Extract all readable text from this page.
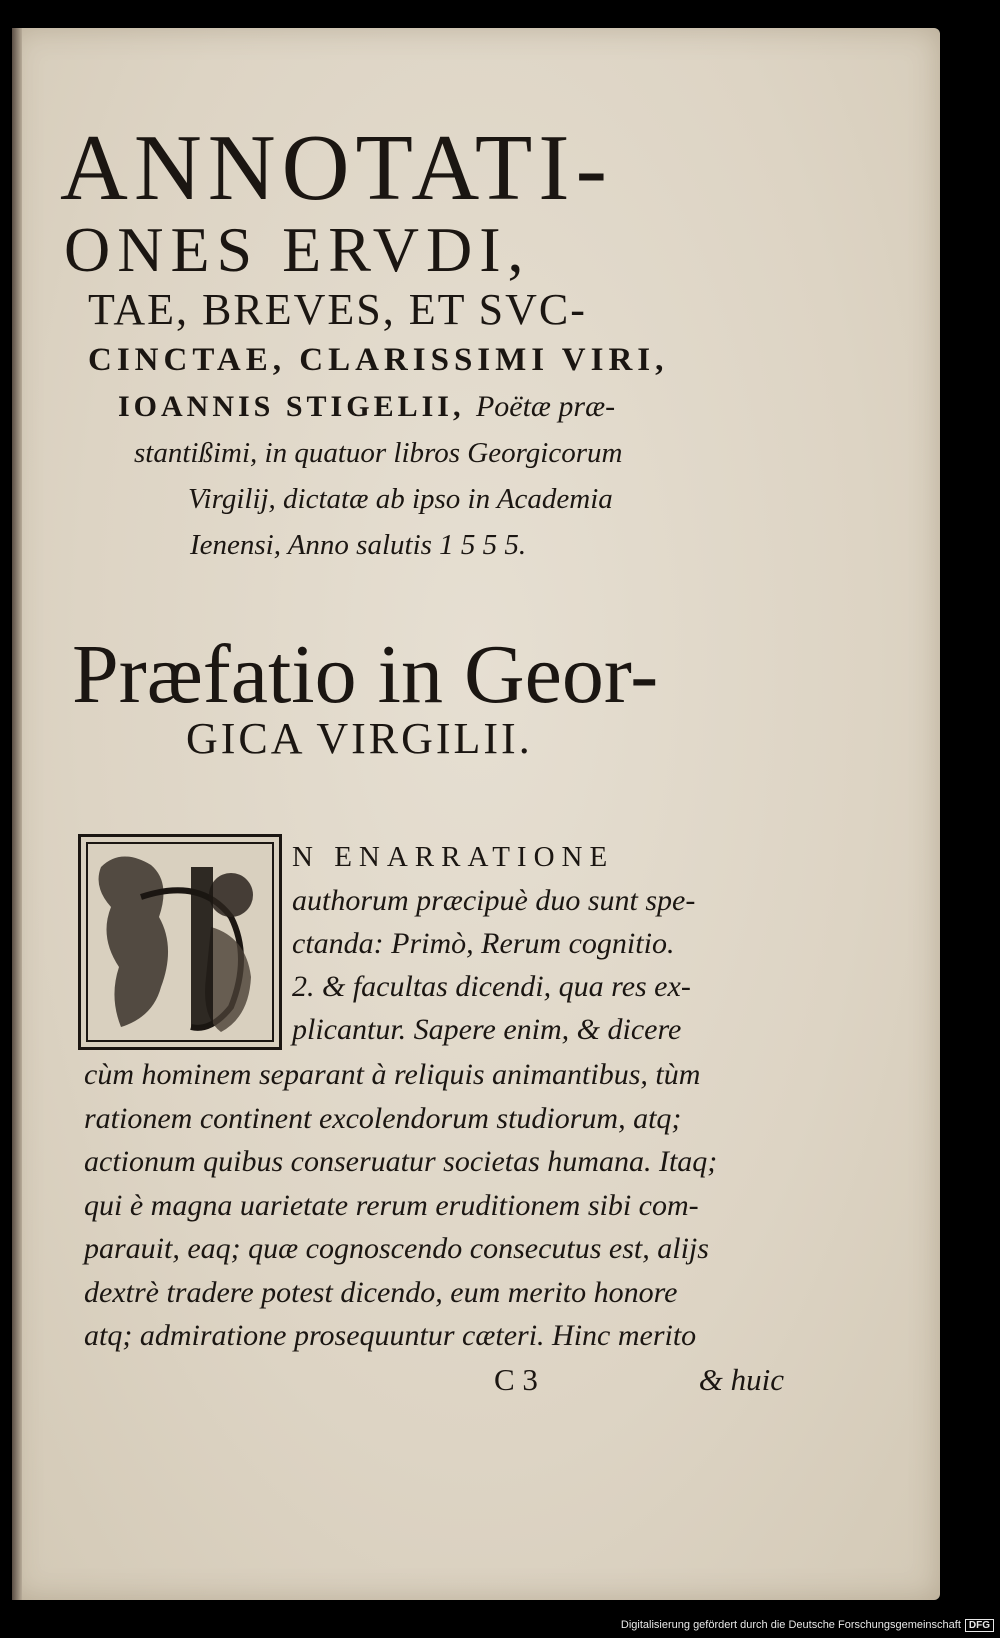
ANNOTATI-
ONES ERVDI,
TAE, BREVES, ET SVC-
CINCTAE, CLARISSIMI VIRI,
IOANNIS STIGELII, Poëtæ præ-
stantißimi, in quatuor libros Georgicorum
Virgilij, dictatæ ab ipso in Academia
Ienensi, Anno salutis 1 5 5 5.
Præfatio in Geor-
GICA VIRGILII.
N ENARRATIONE
authorum præcipuè duo sunt spe-
ctanda: Primò, Rerum cognitio.
2. & facultas dicendi, qua res ex-
plicantur. Sapere enim, & dicere
cùm hominem separant à reliquis animantibus, tùm
rationem continent excolendorum studiorum, atq;
actionum quibus conseruatur societas humana. Itaq;
qui è magna uarietate rerum eruditionem sibi com-
parauit, eaq; quæ cognoscendo consecutus est, alijs
dextrè tradere potest dicendo, eum merito honore
atq; admiratione prosequuntur cæteri. Hinc merito
C 3	& huic
Digitalisierung gefördert durch die Deutsche Forschungsgemeinschaft DFG
